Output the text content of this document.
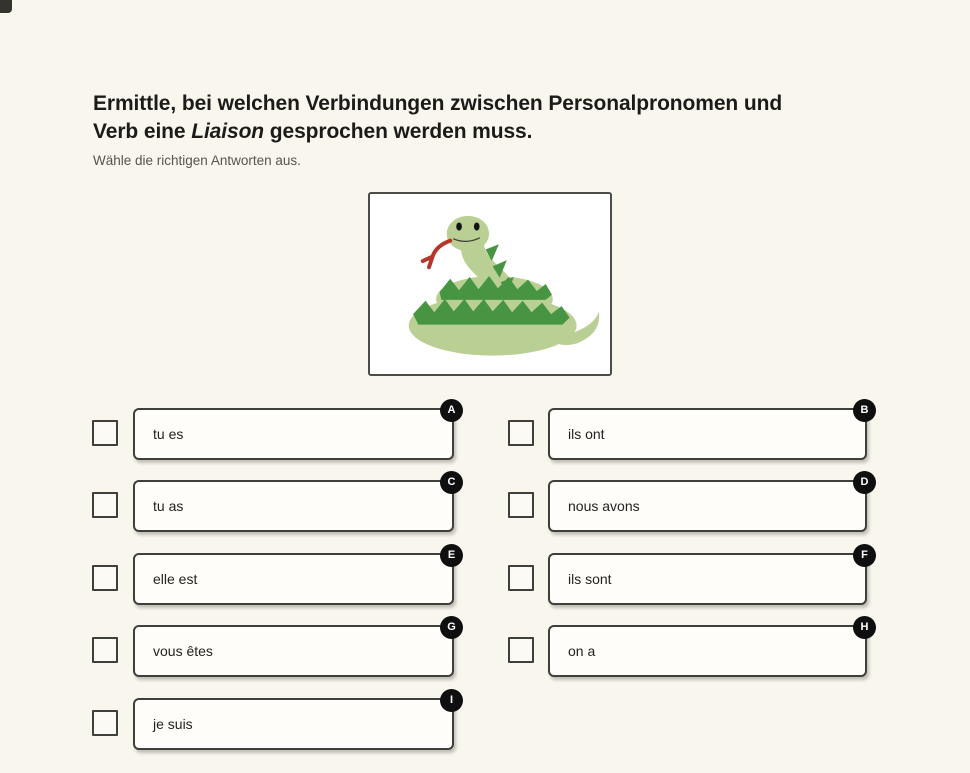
Ermittle, bei welchen Verbindungen zwischen Personalpronomen und
Verb eine Liaison gesprochen werden muss.
Wähle die richtigen Antworten aus.
tu es
A
tu as
C
elle est
E
vous êtes
G
je suis
I
ils ont
B
nous avons
D
ils sont
F
on a
H
